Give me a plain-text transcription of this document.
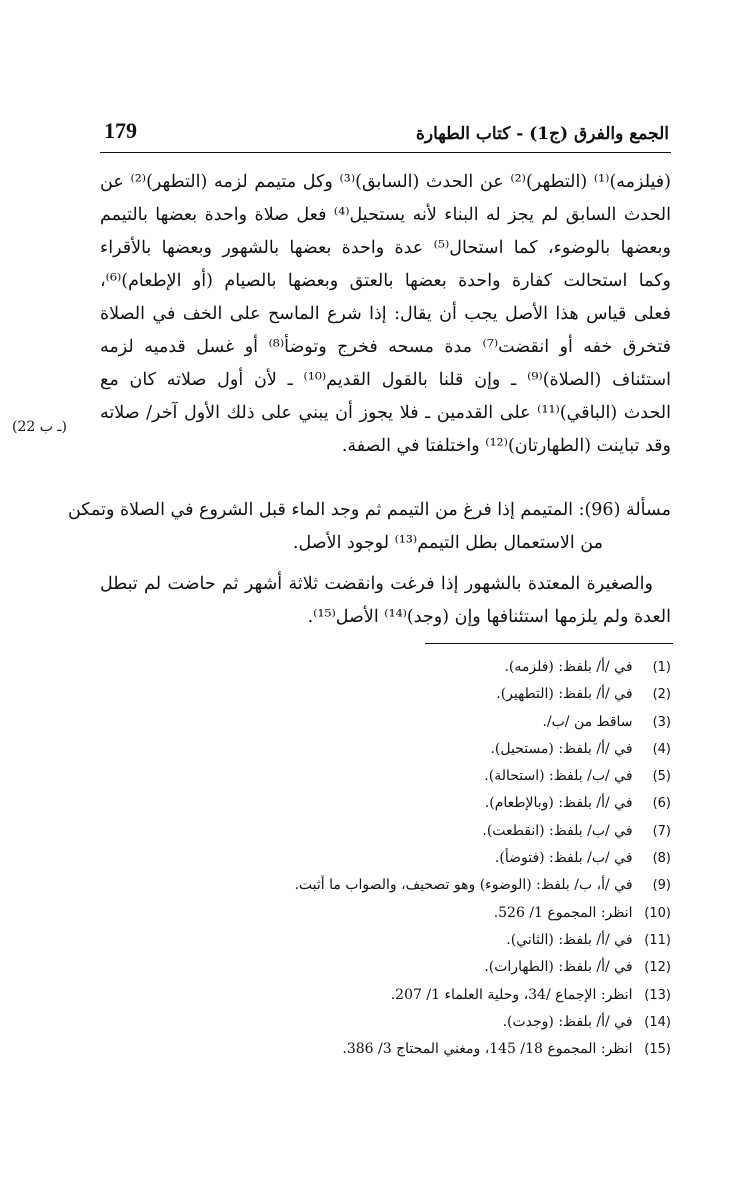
179	الجمع والفرق (ج1) - كتاب الطهارة
(فيلزمه)⁽¹⁾ (التطهر)⁽²⁾ عن الحدث (السابق)⁽³⁾ وكل متيمم لزمه (التطهر)⁽²⁾ عن
الحدث السابق لم يجز له البناء لأنه يستحيل⁽⁴⁾ فعل صلاة واحدة بعضها بالتيمم
وبعضها بالوضوء، كما استحال⁽⁵⁾ عدة واحدة بعضها بالشهور وبعضها بالأقراء
وكما استحالت كفارة واحدة بعضها بالعتق وبعضها بالصيام (أو الإطعام)⁽⁶⁾،
فعلى قياس هذا الأصل يجب أن يقال: إذا شرع الماسح على الخف في الصلاة
فتخرق خفه أو انقضت⁽⁷⁾ مدة مسحه فخرج وتوضأ⁽⁸⁾ أو غسل قدميه لزمه
استئناف (الصلاة)⁽⁹⁾ ـ وإن قلنا بالقول القديم⁽¹⁰⁾ ـ لأن أول صلاته كان مع
الحدث (الباقي)⁽¹¹⁾ على القدمين ـ فلا يجوز أن يبني على ذلك الأول آخر/ صلاته
وقد تباينت (الطهارتان)⁽¹²⁾ واختلفتا في الصفة.
(22 ـ ب)
مسألة (96): المتيمم إذا فرغ من التيمم ثم وجد الماء قبل الشروع في الصلاة وتمكن
من الاستعمال بطل التيمم⁽¹³⁾ لوجود الأصل.
والصغيرة المعتدة بالشهور إذا فرغت وانقضت ثلاثة أشهر ثم حاضت لم تبطل
العدة ولم يلزمها استئنافها وإن (وجد)⁽¹⁴⁾ الأصل⁽¹⁵⁾.
(1) في /أ/ بلفظ: (فلزمه).
(2) في /أ/ بلفظ: (التطهير).
(3) ساقط من /ب/.
(4) في /أ/ بلفظ: (مستحيل).
(5) في /ب/ بلفظ: (استحالة).
(6) في /أ/ بلفظ: (وبالإطعام).
(7) في /ب/ بلفظ: (انقطعت).
(8) في /ب/ بلفظ: (فتوضأ).
(9) في /أ، ب/ بلفظ: (الوضوء) وهو تصحيف، والصواب ما أثبت.
(10) انظر: المجموع 1/ 526.
(11) في /أ/ بلفظ: (الثاني).
(12) في /أ/ بلفظ: (الطهارات).
(13) انظر: الإجماع /34، وحلية العلماء 1/ 207.
(14) في /أ/ بلفظ: (وجدت).
(15) انظر: المجموع 18/ 145، ومغني المحتاج 3/ 386.
